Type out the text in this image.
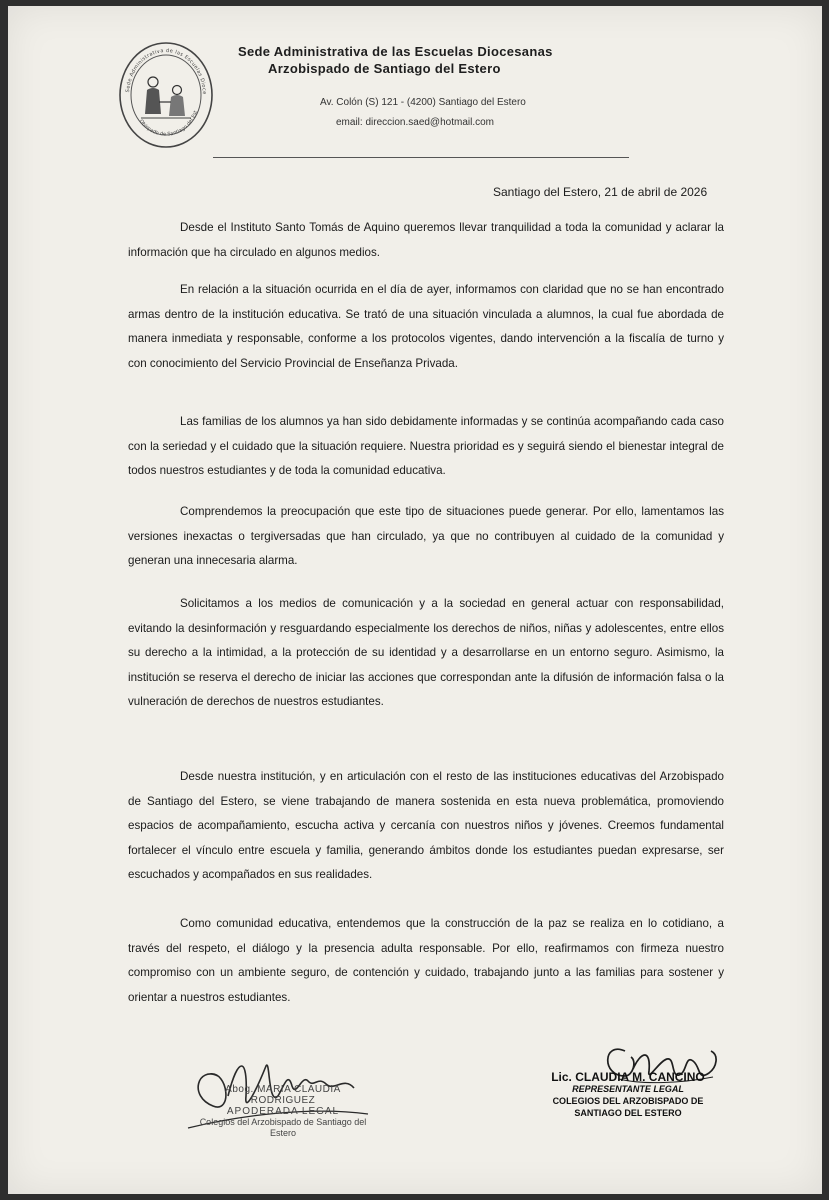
Sede Administrativa de las Escuelas Dioce
Obispado de Santiago del Est
Sede Administrativa de las Escuelas Diocesanas
Arzobispado de Santiago del Estero
Av. Colón (S) 121 - (4200) Santiago del Estero
email: direccion.saed@hotmail.com
Santiago del Estero, 21 de abril de 2026

Desde el Instituto Santo Tomás de Aquino queremos llevar tranquilidad a toda la comunidad y aclarar la información que ha circulado en algunos medios.

En relación a la situación ocurrida en el día de ayer, informamos con claridad que no se han encontrado armas dentro de la institución educativa. Se trató de una situación vinculada a alumnos, la cual fue abordada de manera inmediata y responsable, conforme a los protocolos vigentes, dando intervención a la fiscalía de turno y con conocimiento del Servicio Provincial de Enseñanza Privada.

Las familias de los alumnos ya han sido debidamente informadas y se continúa acompañando cada caso con la seriedad y el cuidado que la situación requiere. Nuestra prioridad es y seguirá siendo el bienestar integral de todos nuestros estudiantes y de toda la comunidad educativa.

Comprendemos la preocupación que este tipo de situaciones puede generar. Por ello, lamentamos las versiones inexactas o tergiversadas que han circulado, ya que no contribuyen al cuidado de la comunidad y generan una innecesaria alarma.

Solicitamos a los medios de comunicación y a la sociedad en general actuar con responsabilidad, evitando la desinformación y resguardando especialmente los derechos de niños, niñas y adolescentes, entre ellos su derecho a la intimidad, a la protección de su identidad y a desarrollarse en un entorno seguro. Asimismo, la institución se reserva el derecho de iniciar las acciones que correspondan ante la difusión de información falsa o la vulneración de derechos de nuestros estudiantes.

Desde nuestra institución, y en articulación con el resto de las instituciones educativas del Arzobispado de Santiago del Estero, se viene trabajando de manera sostenida en esta nueva problemática, promoviendo espacios de acompañamiento, escucha activa y cercanía con nuestros niños y jóvenes. Creemos fundamental fortalecer el vínculo entre escuela y familia, generando ámbitos donde los estudiantes puedan expresarse, ser escuchados y acompañados en sus realidades.

Como comunidad educativa, entendemos que la construcción de la paz se realiza en lo cotidiano, a través del respeto, el diálogo y la presencia adulta responsable. Por ello, reafirmamos con firmeza nuestro compromiso con un ambiente seguro, de contención y cuidado, trabajando junto a las familias para sostener y orientar a nuestros estudiantes.

Abog. MARIA CLAUDIA RODRIGUEZ
APODERADA LEGAL
Colegios del Arzobispado de Santiago del Estero
Lic. CLAUDIA M. CANCINO
REPRESENTANTE LEGAL
COLEGIOS DEL ARZOBISPADO DE SANTIAGO DEL ESTERO
